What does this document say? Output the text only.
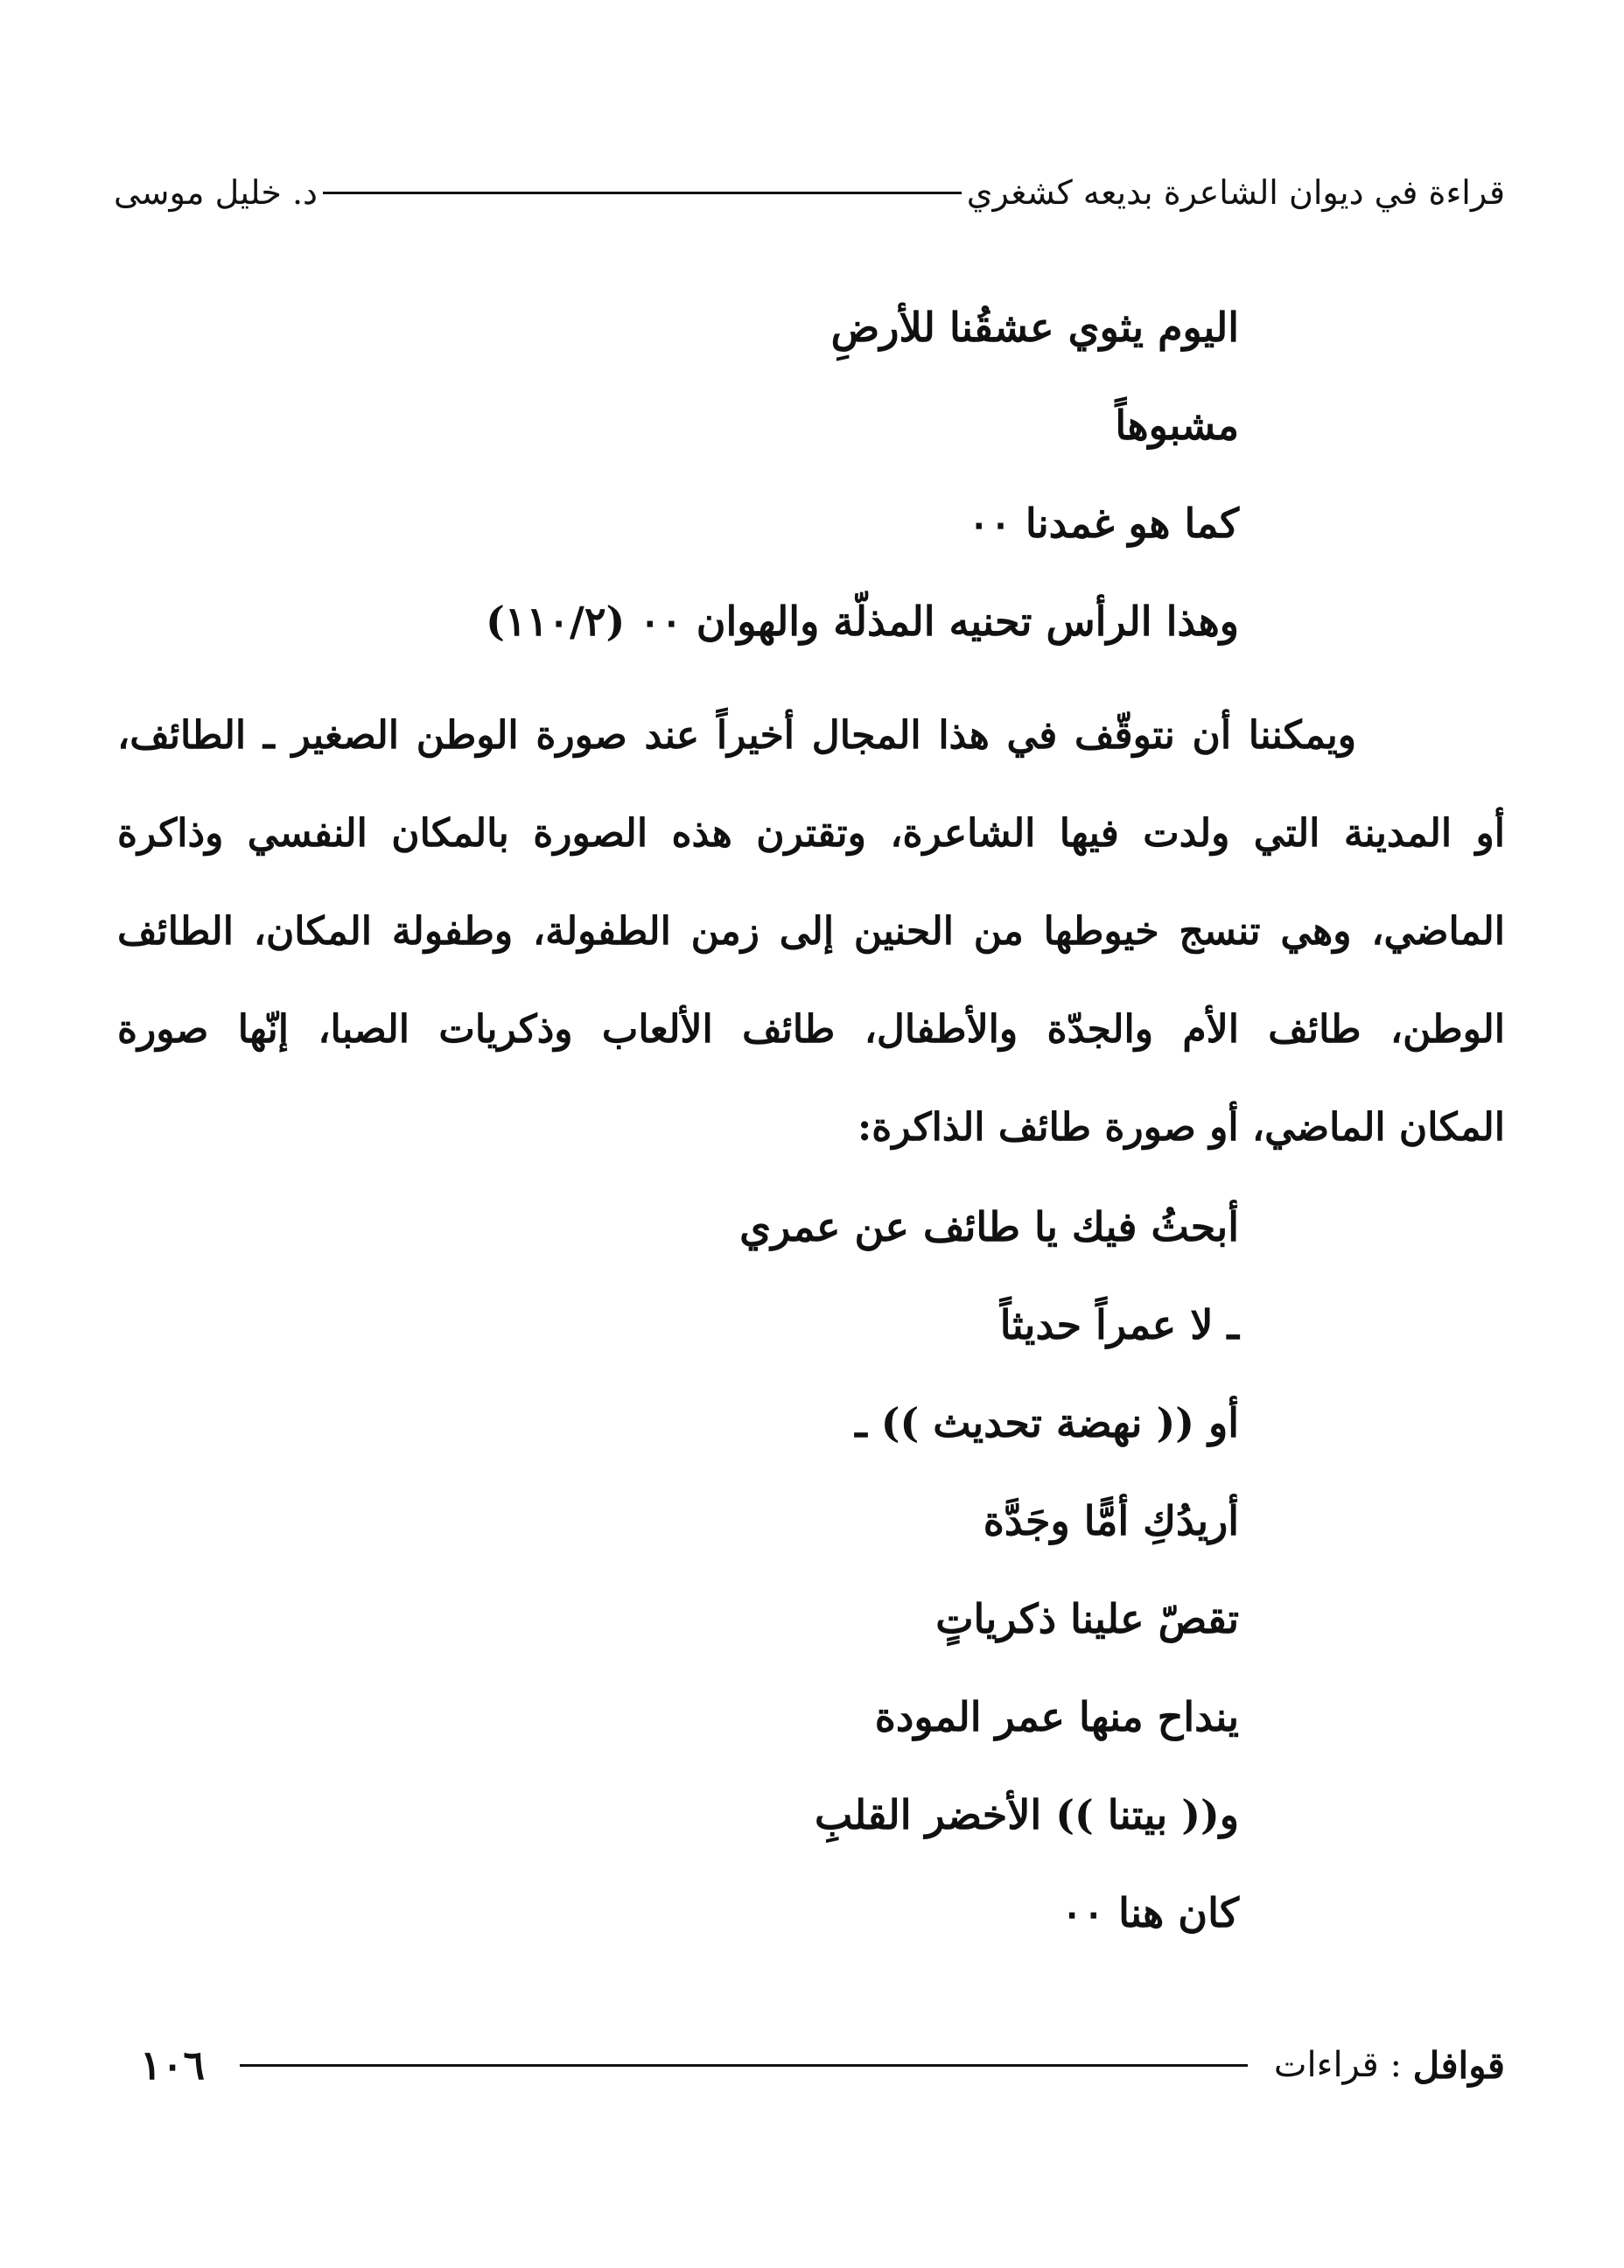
قراءة في ديوان الشاعرة بديعه كشغري
د. خليل موسى
اليوم يثوي عشقُنا للأرضِ
مشبوهاً
كما هو غمدنا ٠٠
وهذا الرأس تحنيه المذلّة والهوان ٠٠ (١١٠/٢)
ويمكننا أن نتوقّف في هذا المجال أخيراً عند صورة الوطن الصغير ـ الطائف،
أو المدينة التي ولدت فيها الشاعرة، وتقترن هذه الصورة بالمكان النفسي وذاكرة
الماضي، وهي تنسج خيوطها من الحنين إلى زمن الطفولة، وطفولة المكان، الطائف
الوطن، طائف الأم والجدّة والأطفال، طائف الألعاب وذكريات الصبا، إنّها صورة
المكان الماضي، أو صورة طائف الذاكرة:
أبحثُ فيك يا طائف عن عمري
ـ لا عمراً حديثاً
أو (( نهضة تحديث )) ـ
أريدُكِ أمًّا وجَدَّة
تقصّ علينا ذكرياتٍ
ينداح منها عمر المودة
و(( بيتنا )) الأخضر القلبِ
كان هنا ٠٠
قوافل
: قراءات
١٠٦
